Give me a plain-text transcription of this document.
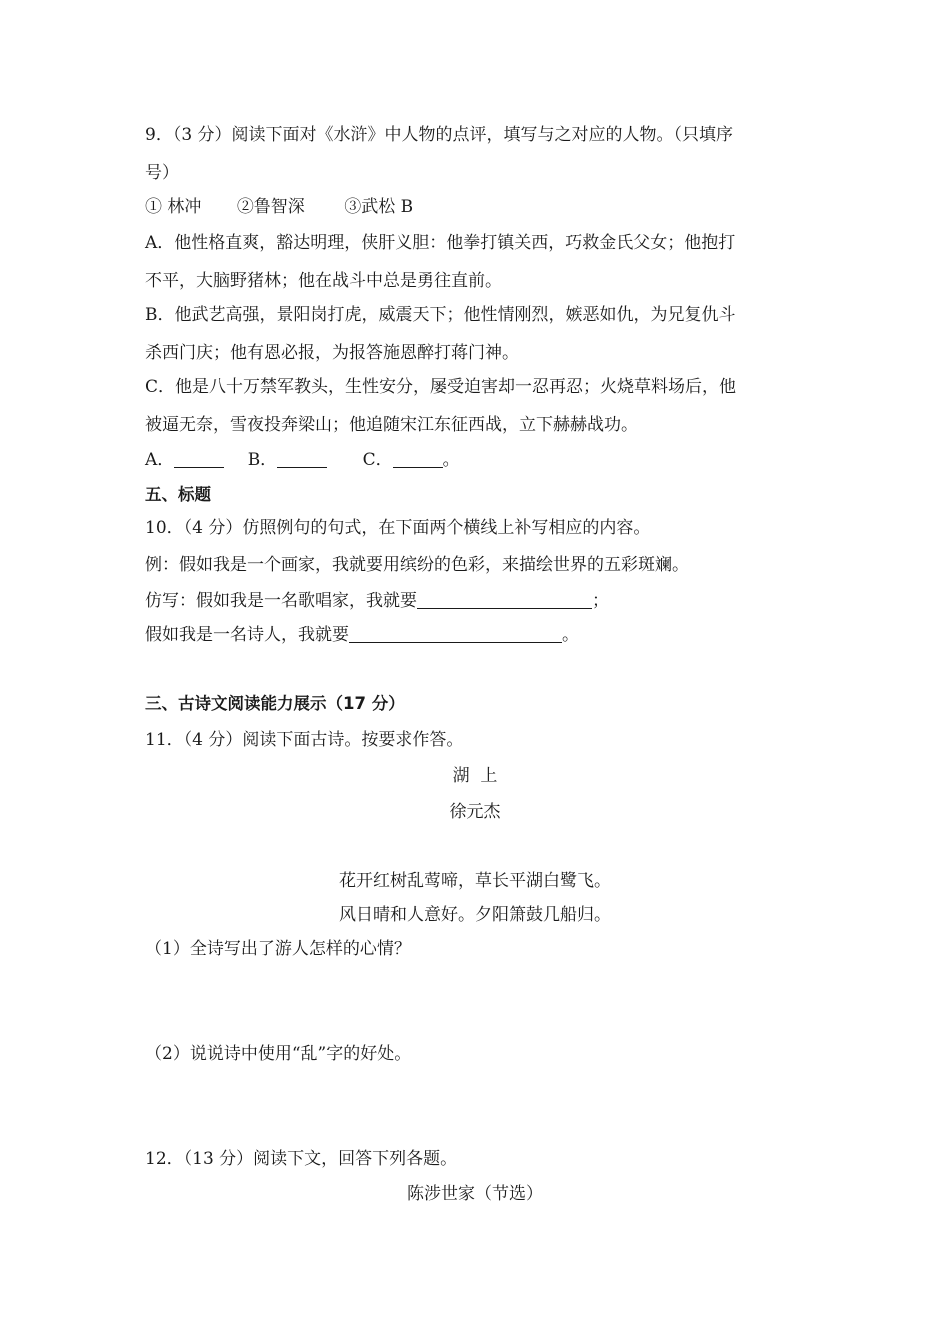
9．（3 分）阅读下面对《水浒》中人物的点评，填写与之对应的人物。（只填序
号）
① 林冲 ②鲁智深 ③武松 B
A．他性格直爽，豁达明理，侠肝义胆：他拳打镇关西，巧救金氏父女；他抱打
不平，大脑野猪林；他在战斗中总是勇往直前。
B．他武艺高强，景阳岗打虎，威震天下；他性情刚烈，嫉恶如仇，为兄复仇斗
杀西门庆；他有恩必报，为报答施恩醉打蒋门神。
C．他是八十万禁军教头，生性安分，屡受迫害却一忍再忍；火烧草料场后，他
被逼无奈，雪夜投奔梁山；他追随宋江东征西战，立下赫赫战功。
A．	B．	C．	。
五、标题
10．（4 分）仿照例句的句式，在下面两个横线上补写相应的内容。
例：假如我是一个画家，我就要用缤纷的色彩，来描绘世界的五彩斑斓。
仿写：假如我是一名歌唱家，我就要	；
假如我是一名诗人，我就要	。
三、古诗文阅读能力展示（17 分）
11．（4 分）阅读下面古诗。按要求作答。
湖  上
徐元杰
花开红树乱莺啼，草长平湖白鹭飞。
风日晴和人意好。夕阳箫鼓几船归。
（1）全诗写出了游人怎样的心情？
（2）说说诗中使用“乱”字的好处。
12．（13 分）阅读下文，回答下列各题。
陈涉世家（节选）
